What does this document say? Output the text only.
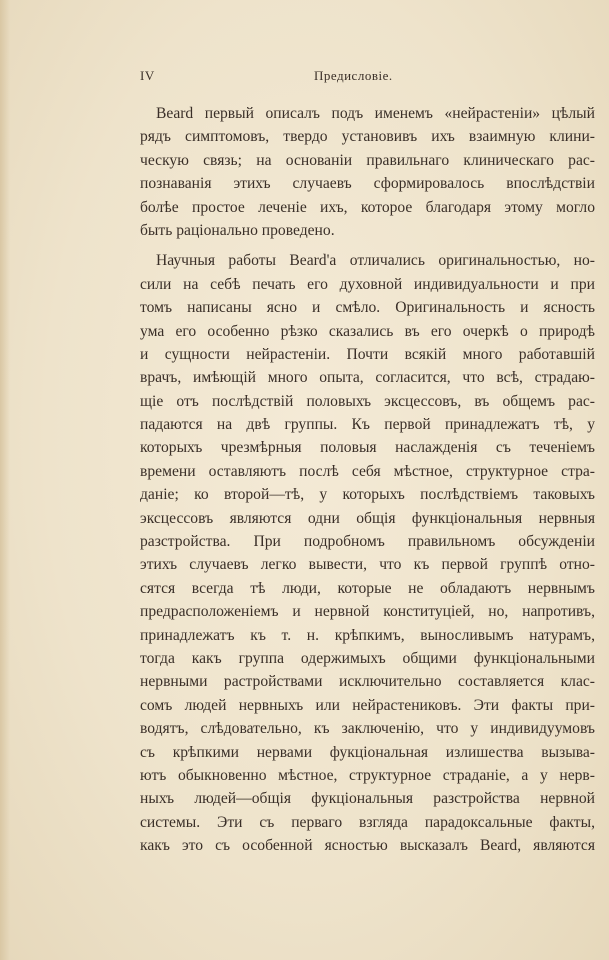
IV	Предисловіе.
Beard первый описалъ подъ именемъ «нейрастеніи» цѣлый
рядъ симптомовъ, твердо установивъ ихъ взаимную клини-
ческую связь; на основаніи правильнаго клиническаго рас-
познаванія этихъ случаевъ сформировалось впослѣдствіи
болѣе простое леченіе ихъ, которое благодаря этому могло
быть раціонально проведено.
Научныя работы Beard'а отличались оригинальностью, но-
сили на себѣ печать его духовной индивидуальности и при
томъ написаны ясно и смѣло. Оригинальность и ясность
ума его особенно рѣзко сказались въ его очеркѣ о природѣ
и сущности нейрастеніи. Почти всякій много работавшій
врачъ, имѣющій много опыта, согласится, что всѣ, страдаю-
щіе отъ послѣдствій половыхъ эксцессовъ, въ общемъ рас-
падаются на двѣ группы. Къ первой принадлежатъ тѣ, у
которыхъ чрезмѣрныя половыя наслажденія съ теченіемъ
времени оставляютъ послѣ себя мѣстное, структурное стра-
даніе; ко второй—тѣ, у которыхъ послѣдствіемъ таковыхъ
эксцессовъ являются одни общія функціональныя нервныя
разстройства. При подробномъ правильномъ обсужденіи
этихъ случаевъ легко вывести, что къ первой группѣ отно-
сятся всегда тѣ люди, которые не обладаютъ нервнымъ
предрасположеніемъ и нервной конституціей, но, напротивъ,
принадлежатъ къ т. н. крѣпкимъ, выносливымъ натурамъ,
тогда какъ группа одержимыхъ общими функціональными
нервными растройствами исключительно составляется клас-
сомъ людей нервныхъ или нейрастениковъ. Эти факты при-
водятъ, слѣдовательно, къ заключенію, что у индивидуумовъ
съ крѣпкими нервами фукціональная излишества вызыва-
ютъ обыкновенно мѣстное, структурное страданіе, а у нерв-
ныхъ людей—общія фукціональныя разстройства нервной
системы. Эти съ перваго взгляда парадоксальные факты,
какъ это съ особенной ясностью высказалъ Beard, являются
